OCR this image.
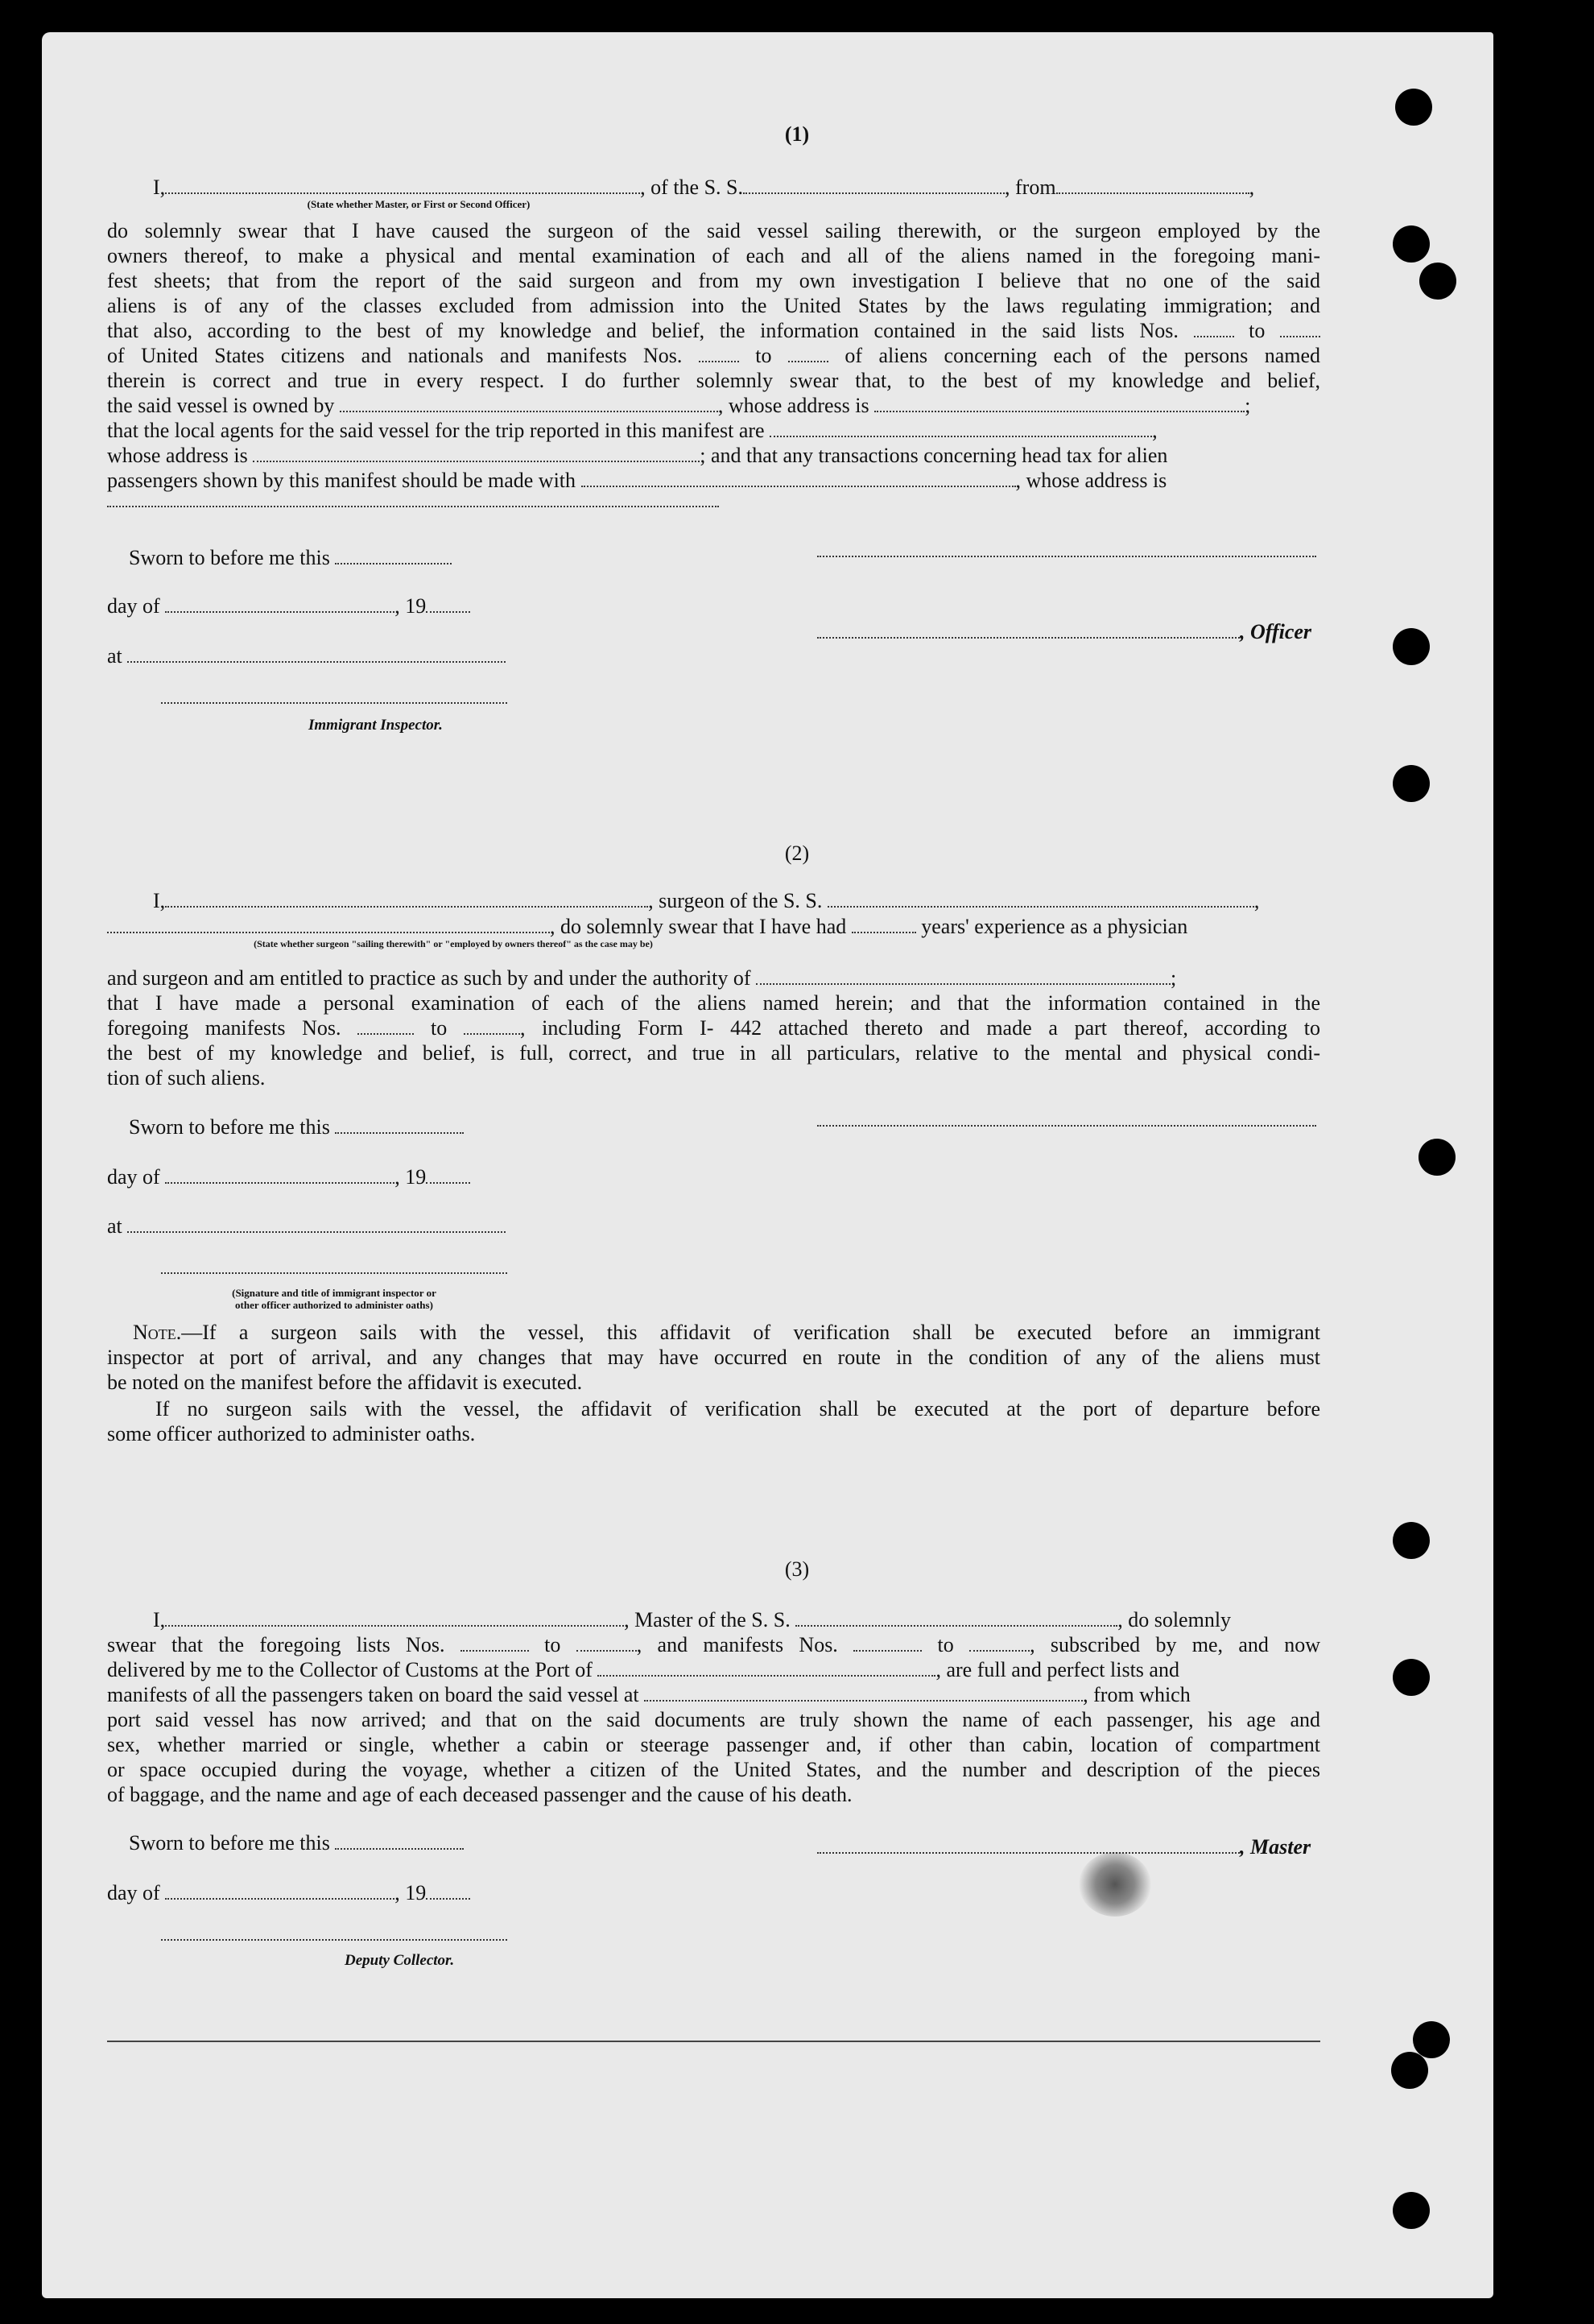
(1)
I,	, of the S. S.	, from	,
(State whether Master, or First or Second Officer)
do solemnly swear that I have caused the surgeon of the said vessel sailing therewith, or the surgeon employed by the
owners thereof, to make a physical and mental examination of each and all of the aliens named in the foregoing mani-
fest sheets; that from the report of the said surgeon and from my own investigation I believe that no one of the said
aliens is of any of the classes excluded from admission into the United States by the laws regulating immigration; and
that also, according to the best of my knowledge and belief, the information contained in the said lists Nos.	to
of United States citizens and nationals and manifests Nos.	to	of aliens concerning each of the persons named
therein is correct and true in every respect. I do further solemnly swear that, to the best of my knowledge and belief,
the said vessel is owned by	, whose address is	;
that the local agents for the said vessel for the trip reported in this manifest are	,
whose address is	; and that any transactions concerning head tax for alien
passengers shown by this manifest should be made with	, whose address is
Sworn to before me this
day of	, 19
, Officer
at
Immigrant Inspector.
(2)
I,	, surgeon of the S. S.	,
, do solemnly swear that I have had	years' experience as a physician
(State whether surgeon "sailing therewith" or "employed by owners thereof" as the case may be)
and surgeon and am entitled to practice as such by and under the authority of	;
that I have made a personal examination of each of the aliens named herein; and that the information contained in the
foregoing manifests Nos.	to	, including Form I- 442 attached thereto and made a part thereof, according to
the best of my knowledge and belief, is full, correct, and true in all particulars, relative to the mental and physical condi-
tion of such aliens.
Sworn to before me this
day of	, 19
at
(Signature and title of immigrant inspector or
other officer authorized to administer oaths)
Note.—If a surgeon sails with the vessel, this affidavit of verification shall be executed before an immigrant
inspector at port of arrival, and any changes that may have occurred en route in the condition of any of the aliens must
be noted on the manifest before the affidavit is executed.
If no surgeon sails with the vessel, the affidavit of verification shall be executed at the port of departure before
some officer authorized to administer oaths.
(3)
I,	, Master of the S. S.	, do solemnly
swear that the foregoing lists Nos.	to	, and manifests Nos.	to	, subscribed by me, and now
delivered by me to the Collector of Customs at the Port of	, are full and perfect lists and
manifests of all the passengers taken on board the said vessel at	, from which
port said vessel has now arrived; and that on the said documents are truly shown the name of each passenger, his age and
sex, whether married or single, whether a cabin or steerage passenger and, if other than cabin, location of compartment
or space occupied during the voyage, whether a citizen of the United States, and the number and description of the pieces
of baggage, and the name and age of each deceased passenger and the cause of his death.
Sworn to before me this	, Master
day of	, 19
Deputy Collector.
